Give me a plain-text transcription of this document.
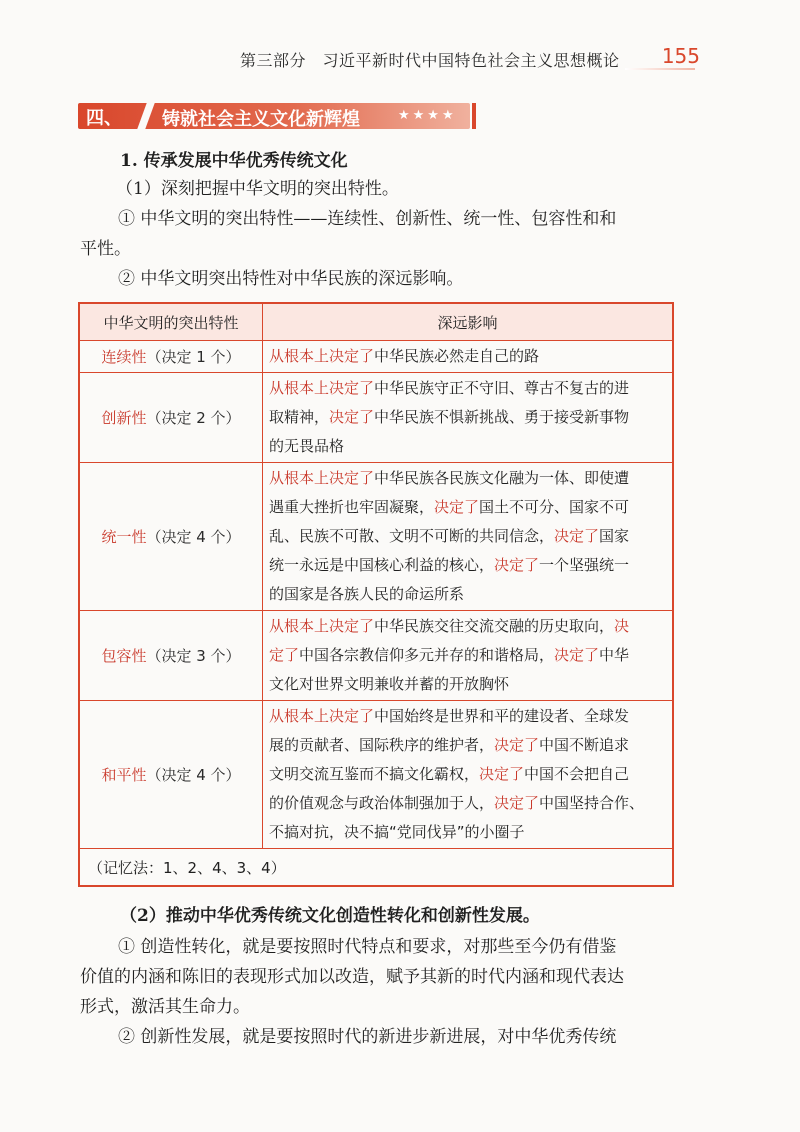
第三部分　习近平新时代中国特色社会主义思想概论 155
四、 铸就社会主义文化新辉煌	★★★★
1. 传承发展中华优秀传统文化
（1）深刻把握中华文明的突出特性。
① 中华文明的突出特性——连续性、创新性、统一性、包容性和和
平性。
② 中华文明突出特性对中华民族的深远影响。
中华文明的突出特性	深远影响
连续性（决定 1 个）	从根本上决定了中华民族必然走自己的路

创新性（决定 2 个）	从根本上决定了中华民族守正不守旧、尊古不复古的进
取精神，决定了中华民族不惧新挑战、勇于接受新事物
的无畏品格

统一性（决定 4 个）	从根本上决定了中华民族各民族文化融为一体、即使遭
遇重大挫折也牢固凝聚，决定了国土不可分、国家不可
乱、民族不可散、文明不可断的共同信念，决定了国家
统一永远是中国核心利益的核心，决定了一个坚强统一
的国家是各族人民的命运所系

包容性（决定 3 个）	从根本上决定了中华民族交往交流交融的历史取向，决
定了中国各宗教信仰多元并存的和谐格局，决定了中华
文化对世界文明兼收并蓄的开放胸怀

和平性（决定 4 个）	从根本上决定了中国始终是世界和平的建设者、全球发
展的贡献者、国际秩序的维护者，决定了中国不断追求
文明交流互鉴而不搞文化霸权，决定了中国不会把自己
的价值观念与政治体制强加于人，决定了中国坚持合作、
不搞对抗，决不搞“党同伐异”的小圈子

（记忆法：1、2、4、3、4）	
（2）推动中华优秀传统文化创造性转化和创新性发展。
① 创造性转化，就是要按照时代特点和要求，对那些至今仍有借鉴
价值的内涵和陈旧的表现形式加以改造，赋予其新的时代内涵和现代表达
形式，激活其生命力。
② 创新性发展，就是要按照时代的新进步新进展，对中华优秀传统
